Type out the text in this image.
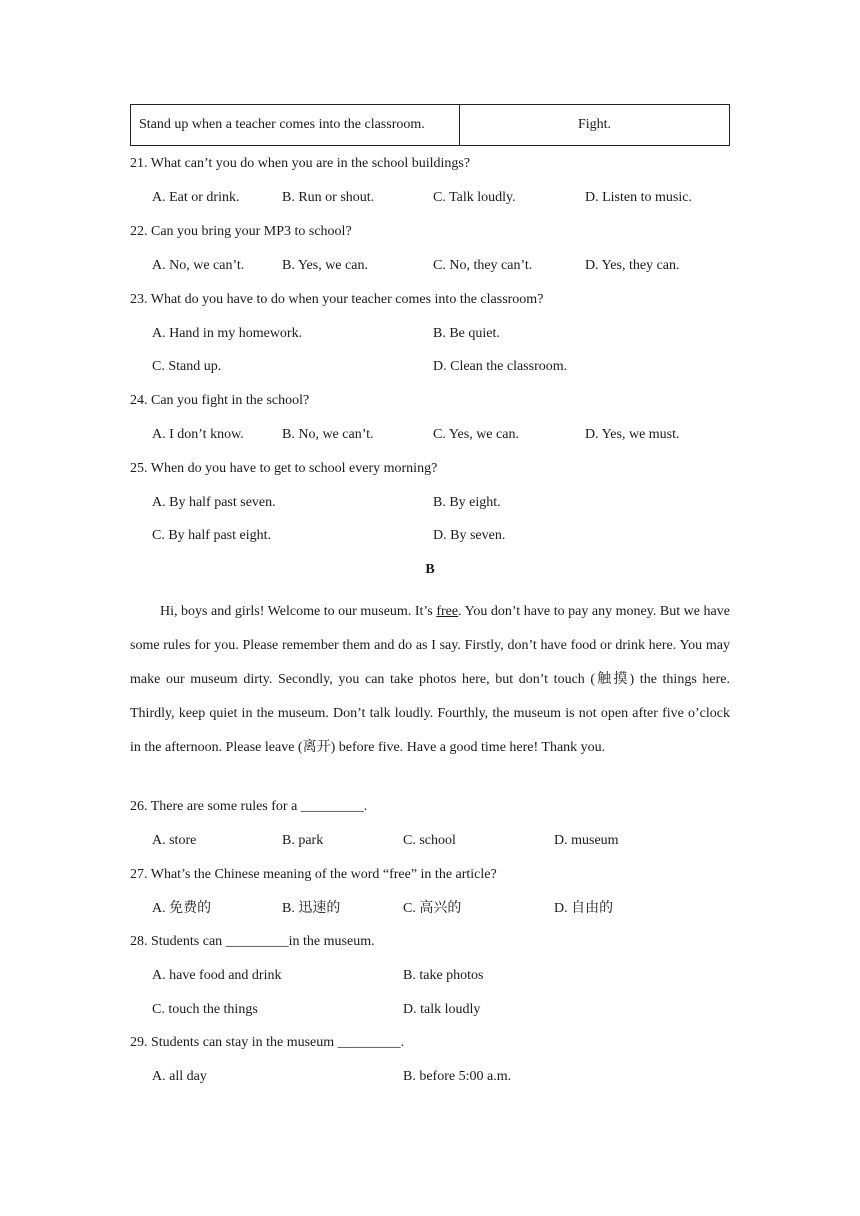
Stand up when a teacher comes into the classroom.	Fight.
21. What can’t you do when you are in the school buildings?
A. Eat or drink.	B. Run or shout.	C. Talk loudly.	D. Listen to music.
22. Can you bring your MP3 to school?
A. No, we can’t.	B. Yes, we can.	C. No, they can’t.	D. Yes, they can.
23. What do you have to do when your teacher comes into the classroom?
A. Hand in my homework.	B. Be quiet.
C. Stand up.	D. Clean the classroom.
24. Can you fight in the school?
A. I don’t know.	B. No, we can’t.	C. Yes, we can.	D. Yes, we must.
25. When do you have to get to school every morning?
A. By half past seven.	B. By eight.
C. By half past eight.	D. By seven.
B
Hi, boys and girls! Welcome to our museum. It’s free. You don’t have to pay any money. But we have some rules for you. Please remember them and do as I say. Firstly, don’t have food or drink here. You may make our museum dirty. Secondly, you can take photos here, but don’t touch (触摸) the things here. Thirdly, keep quiet in the museum. Don’t talk loudly. Fourthly, the museum is not open after five o’clock in the afternoon. Please leave (离开) before five. Have a good time here! Thank you.
26. There are some rules for a _________.
A. store	B. park	C. school	D. museum
27. What’s the Chinese meaning of the word “free” in the article?
A. 免费的	B. 迅速的	C. 高兴的	D. 自由的
28. Students can _________in the museum.
A. have food and drink	B. take photos
C. touch the things	D. talk loudly
29. Students can stay in the museum _________.
A. all day	B. before 5:00 a.m.
